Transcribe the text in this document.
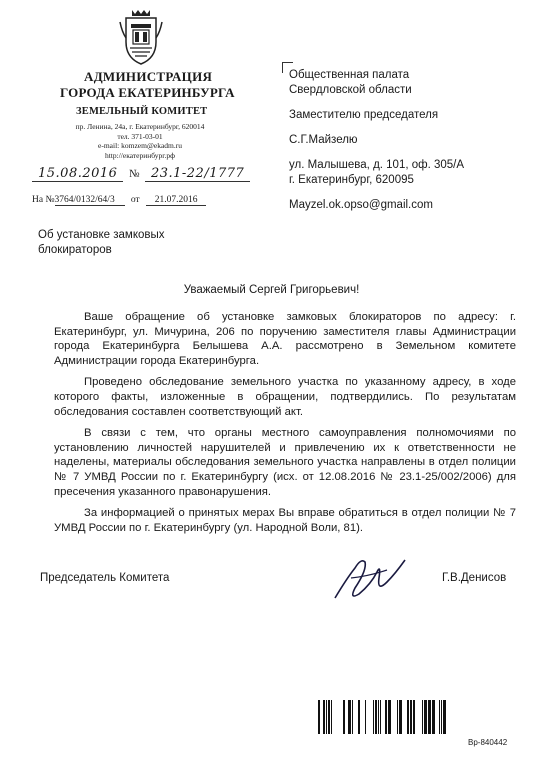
АДМИНИСТРАЦИЯ
ГОРОДА ЕКАТЕРИНБУРГА
ЗЕМЕЛЬНЫЙ КОМИТЕТ
пр. Ленина, 24а, г. Екатеринбург, 620014
тел. 371-03-01
e-mail: komzem@ekadm.ru
http://екатеринбург.рф
15.08.2016 № 23.1-22/1777
На №3764/0132/64/3 от 21.07.2016
Общественная палата
Свердловской области
Заместителю председателя
С.Г.Майзелю
ул. Малышева, д. 101, оф. 305/А
г. Екатеринбург, 620095
Mayzel.ok.opso@gmail.com
Об установке замковых
блокираторов
Уважаемый Сергей Григорьевич!

Ваше обращение об установке замковых блокираторов по адресу: г. Екатеринбург, ул. Мичурина, 206 по поручению заместителя главы Администрации города Екатеринбурга Белышева А.А. рассмотрено в Земельном комитете Администрации города Екатеринбурга.

Проведено обследование земельного участка по указанному адресу, в ходе которого факты, изложенные в обращении, подтвердились. По результатам обследования составлен соответствующий акт.

В связи с тем, что органы местного самоуправления полномочиями по установлению личностей нарушителей и привлечению их к ответственности не наделены, материалы обследования земельного участка направлены в отдел полиции № 7 УМВД России по г. Екатеринбургу (исх. от 12.08.2016 № 23.1-25/002/2006) для пресечения указанного правонарушения.

За информацией о принятых мерах Вы вправе обратиться в отдел полиции № 7 УМВД России по г. Екатеринбургу (ул. Народной Воли, 81).

Председатель Комитета	Г.В.Денисов
Вр-840442
